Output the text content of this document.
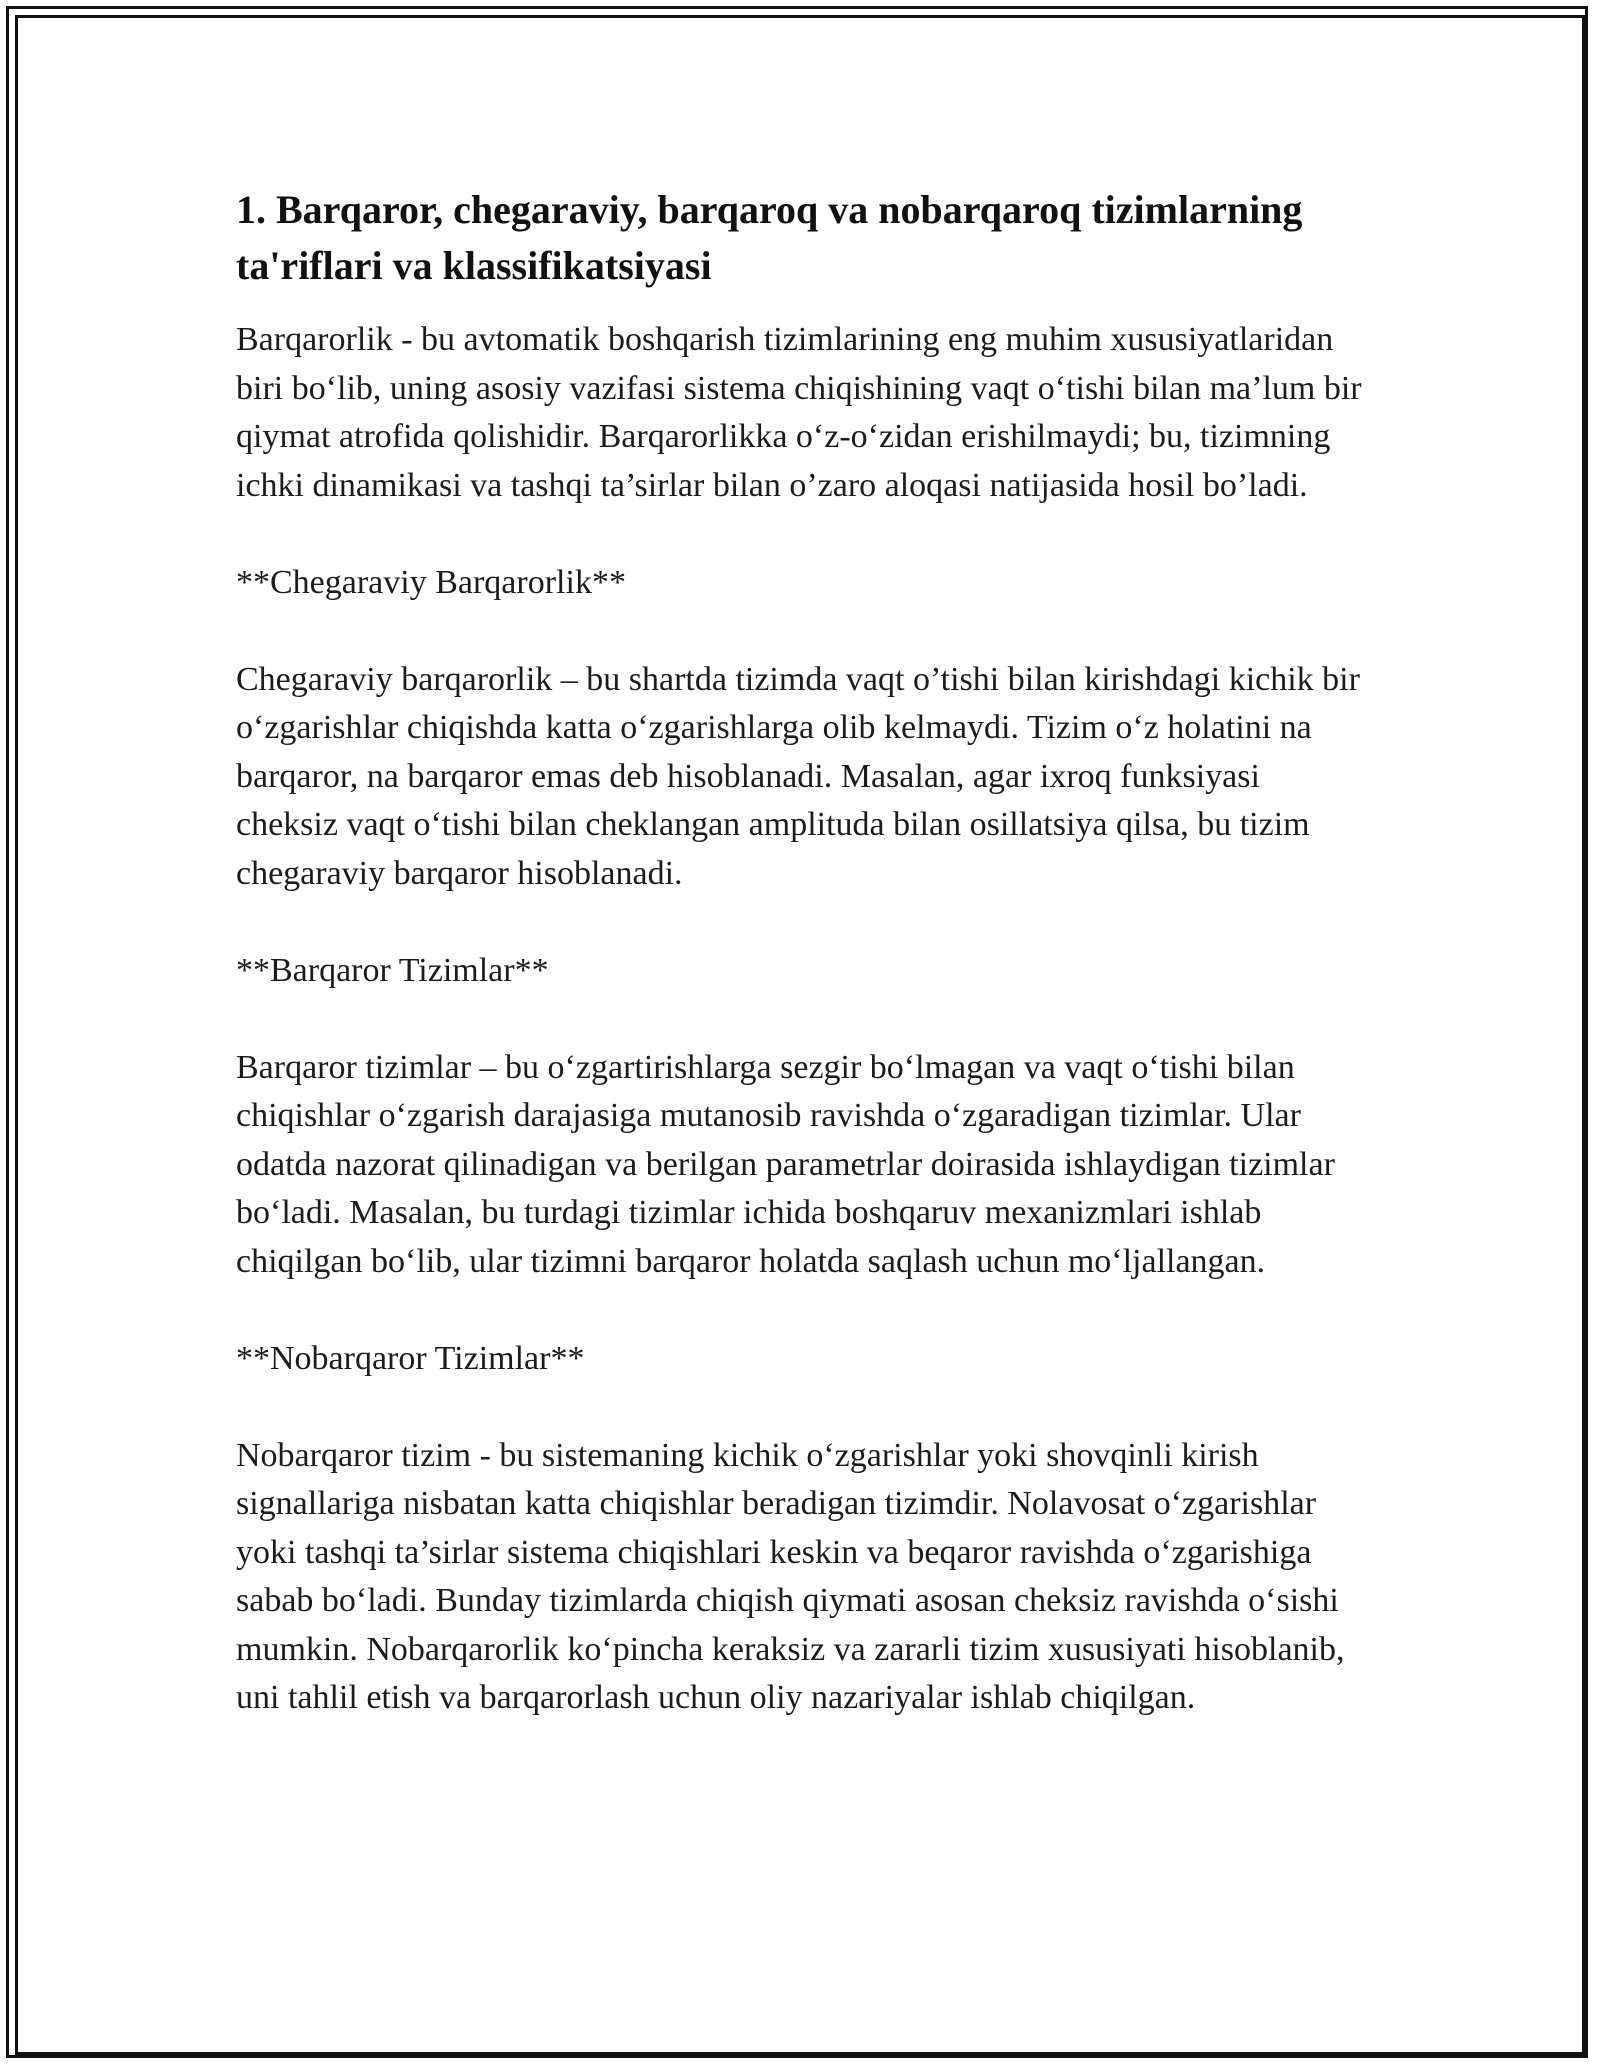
1. Barqaror, chegaraviy, barqaroq va nobarqaroq tizimlarning ta'riflari va klassifikatsiyasi

Barqarorlik - bu avtomatik boshqarish tizimlarining eng muhim xususiyatlaridan biri bo‘lib, uning asosiy vazifasi sistema chiqishining vaqt o‘tishi bilan ma’lum bir qiymat atrofida qolishidir. Barqarorlikka o‘z-o‘zidan erishilmaydi; bu, tizimning ichki dinamikasi va tashqi ta’sirlar bilan o’zaro aloqasi natijasida hosil bo’ladi.

**Chegaraviy Barqarorlik**

Chegaraviy barqarorlik – bu shartda tizimda vaqt o’tishi bilan kirishdagi kichik bir o‘zgarishlar chiqishda katta o‘zgarishlarga olib kelmaydi. Tizim o‘z holatini na barqaror, na barqaror emas deb hisoblanadi. Masalan, agar ixroq funksiyasi cheksiz vaqt o‘tishi bilan cheklangan amplituda bilan osillatsiya qilsa, bu tizim chegaraviy barqaror hisoblanadi.

**Barqaror Tizimlar**

Barqaror tizimlar – bu o‘zgartirishlarga sezgir bo‘lmagan va vaqt o‘tishi bilan chiqishlar o‘zgarish darajasiga mutanosib ravishda o‘zgaradigan tizimlar. Ular odatda nazorat qilinadigan va berilgan parametrlar doirasida ishlaydigan tizimlar bo‘ladi. Masalan, bu turdagi tizimlar ichida boshqaruv mexanizmlari ishlab chiqilgan bo‘lib, ular tizimni barqaror holatda saqlash uchun mo‘ljallangan.

**Nobarqaror Tizimlar**

Nobarqaror tizim - bu sistemaning kichik o‘zgarishlar yoki shovqinli kirish signallariga nisbatan katta chiqishlar beradigan tizimdir. Nolavosat o‘zgarishlar yoki tashqi ta’sirlar sistema chiqishlari keskin va beqaror ravishda o‘zgarishiga sabab bo‘ladi. Bunday tizimlarda chiqish qiymati asosan cheksiz ravishda o‘sishi mumkin. Nobarqarorlik ko‘pincha keraksiz va zararli tizim xususiyati hisoblanib, uni tahlil etish va barqarorlash uchun oliy nazariyalar ishlab chiqilgan.
